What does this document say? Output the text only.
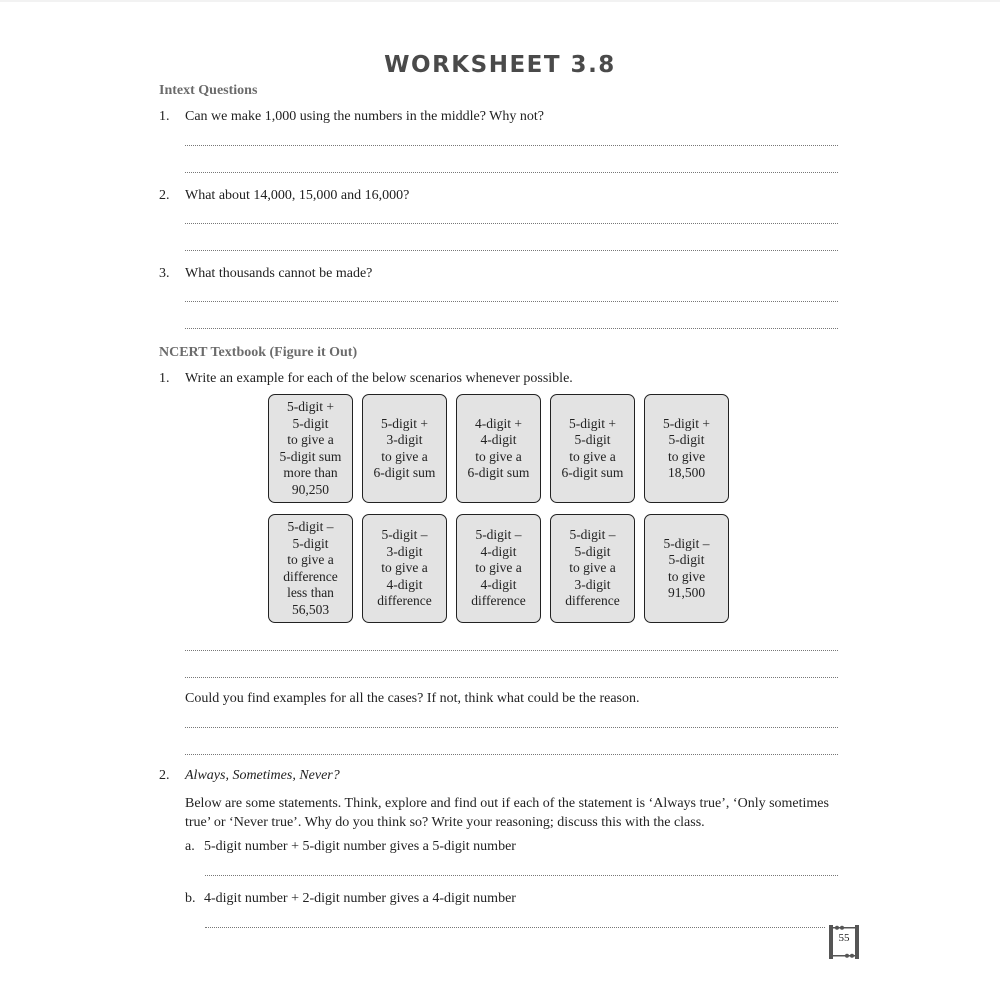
WORKSHEET 3.8
Intext Questions
1. Can we make 1,000 using the numbers in the middle? Why not?
2. What about 14,000, 15,000 and 16,000?
3. What thousands cannot be made?
NCERT Textbook (Figure it Out)
1. Write an example for each of the below scenarios whenever possible.
5-digit +
5-digit
to give a
5-digit sum
more than
90,250
5-digit +
3-digit
to give a
6-digit sum
4-digit +
4-digit
to give a
6-digit sum
5-digit +
5-digit
to give a
6-digit sum
5-digit +
5-digit
to give
18,500
5-digit –
5-digit
to give a
difference
less than
56,503
5-digit –
3-digit
to give a
4-digit
difference
5-digit –
4-digit
to give a
4-digit
difference
5-digit –
5-digit
to give a
3-digit
difference
5-digit –
5-digit
to give
91,500
Could you find examples for all the cases? If not, think what could be the reason.
2. Always, Sometimes, Never?
Below are some statements. Think, explore and find out if each of the statement is ‘Always true’, ‘Only sometimes true’ or ‘Never true’. Why do you think so? Write your reasoning; discuss this with the class.
a. 5-digit number + 5-digit number gives a 5-digit number
b. 4-digit number + 2-digit number gives a 4-digit number
55
